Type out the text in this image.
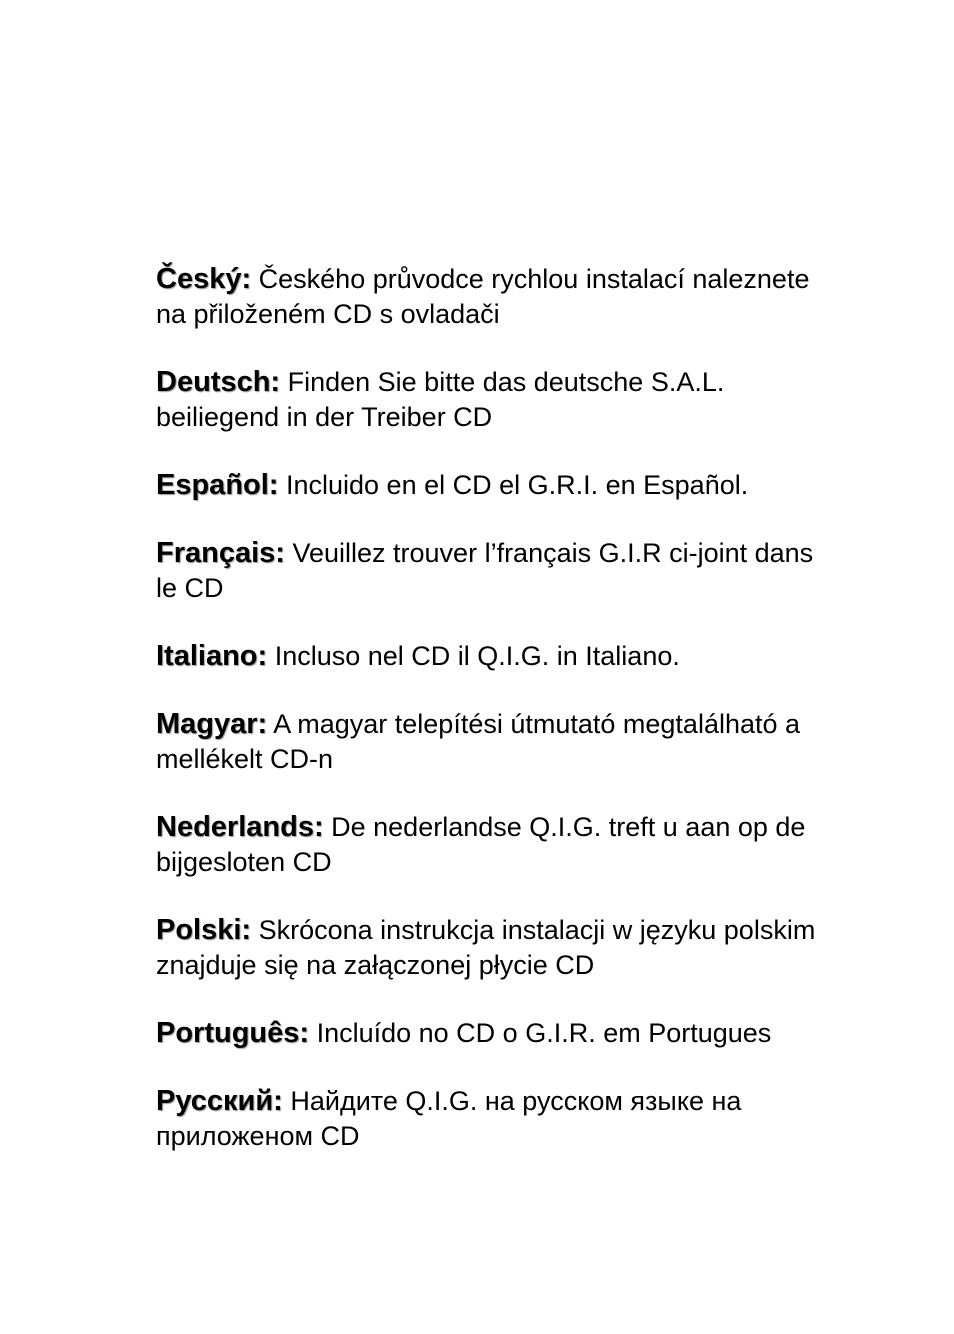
Český: Českého průvodce rychlou instalací naleznete na přiloženém CD s ovladači

Deutsch: Finden Sie bitte das deutsche S.A.L. beiliegend in der Treiber CD

Español: Incluido en el CD el G.R.I. en Español.

Français: Veuillez trouver l’français G.I.R ci-joint dans le CD

Italiano: Incluso nel CD il Q.I.G. in Italiano.

Magyar: A magyar telepítési útmutató megtalálható a mellékelt CD-n

Nederlands: De nederlandse Q.I.G. treft u aan op de bijgesloten CD

Polski: Skrócona instrukcja instalacji w języku polskim znajduje się na załączonej płycie CD

Português: Incluído no CD o G.I.R. em Portugues

Русский: Найдите Q.I.G. на русском языке на приложеном CD
